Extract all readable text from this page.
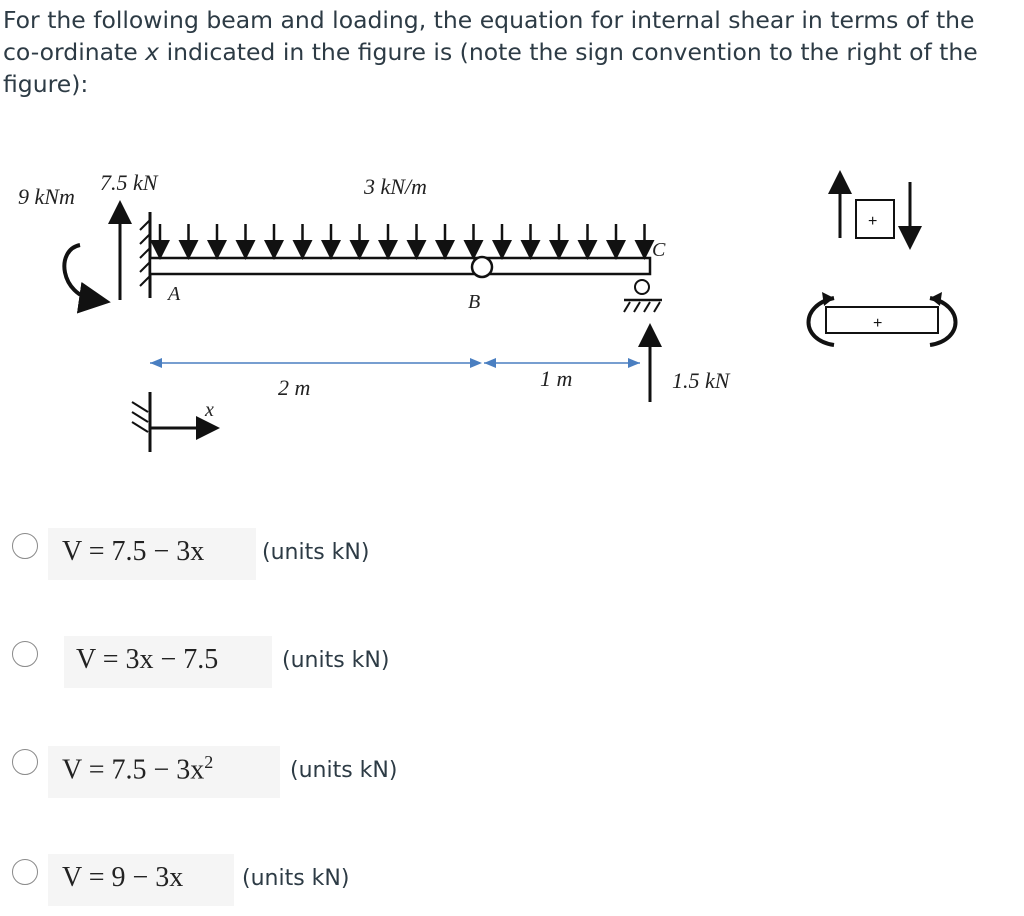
For the following beam and loading, the equation for internal shear in terms of the co-ordinate x indicated in the figure is (note the sign convention to the right of the figure):

9 kNm
7.5 kN	3 kN/m
A	B
C
2 m	1 m	1.5 kN
x
+
+
V = 7.5 − 3x	(units kN)
V = 3x − 7.5	(units kN)
$V = 7.5 - 3x^2$	(units kN)
V = 9 − 3x	(units kN)
